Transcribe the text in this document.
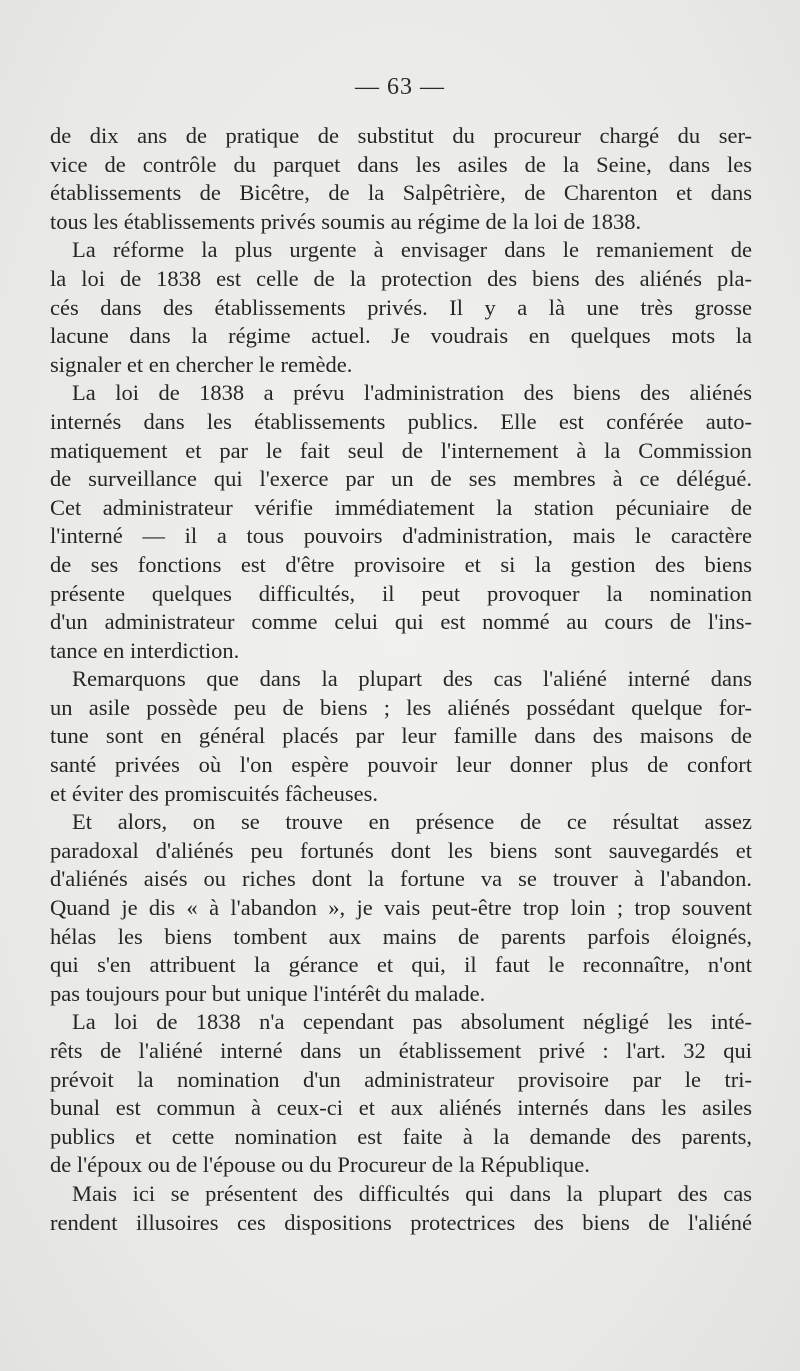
— 63 —
de dix ans de pratique de substitut du procureur chargé du ser-
vice de contrôle du parquet dans les asiles de la Seine, dans les
établissements de Bicêtre, de la Salpêtrière, de Charenton et dans
tous les établissements privés soumis au régime de la loi de 1838.
La réforme la plus urgente à envisager dans le remaniement de
la loi de 1838 est celle de la protection des biens des aliénés pla-
cés dans des établissements privés. Il y a là une très grosse
lacune dans la régime actuel. Je voudrais en quelques mots la
signaler et en chercher le remède.
La loi de 1838 a prévu l'administration des biens des aliénés
internés dans les établissements publics. Elle est conférée auto-
matiquement et par le fait seul de l'internement à la Commission
de surveillance qui l'exerce par un de ses membres à ce délégué.
Cet administrateur vérifie immédiatement la station pécuniaire de
l'interné — il a tous pouvoirs d'administration, mais le caractère
de ses fonctions est d'être provisoire et si la gestion des biens
présente quelques difficultés, il peut provoquer la nomination
d'un administrateur comme celui qui est nommé au cours de l'ins-
tance en interdiction.
Remarquons que dans la plupart des cas l'aliéné interné dans
un asile possède peu de biens ; les aliénés possédant quelque for-
tune sont en général placés par leur famille dans des maisons de
santé privées où l'on espère pouvoir leur donner plus de confort
et éviter des promiscuités fâcheuses.
Et alors, on se trouve en présence de ce résultat assez
paradoxal d'aliénés peu fortunés dont les biens sont sauvegardés et
d'aliénés aisés ou riches dont la fortune va se trouver à l'abandon.
Quand je dis « à l'abandon », je vais peut-être trop loin ; trop souvent
hélas les biens tombent aux mains de parents parfois éloignés,
qui s'en attribuent la gérance et qui, il faut le reconnaître, n'ont
pas toujours pour but unique l'intérêt du malade.
La loi de 1838 n'a cependant pas absolument négligé les inté-
rêts de l'aliéné interné dans un établissement privé : l'art. 32 qui
prévoit la nomination d'un administrateur provisoire par le tri-
bunal est commun à ceux-ci et aux aliénés internés dans les asiles
publics et cette nomination est faite à la demande des parents,
de l'époux ou de l'épouse ou du Procureur de la République.
Mais ici se présentent des difficultés qui dans la plupart des cas
rendent illusoires ces dispositions protectrices des biens de l'aliéné
